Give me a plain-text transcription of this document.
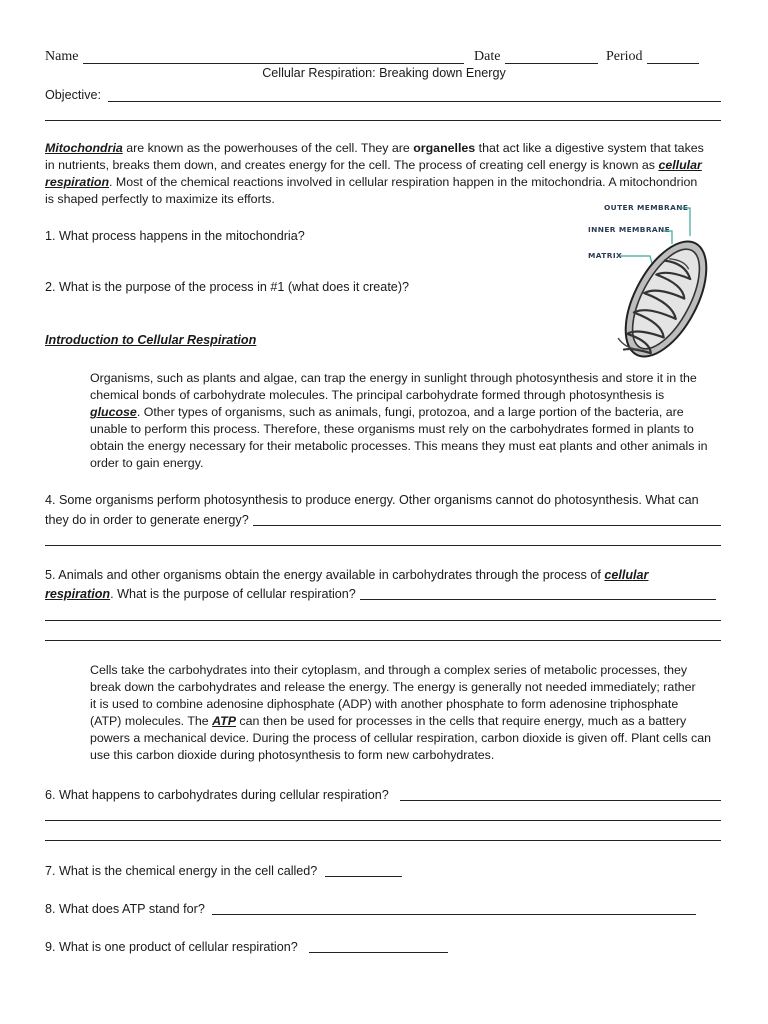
Name	Date	Period
Cellular Respiration: Breaking down Energy
Objective:
Mitochondria are known as the powerhouses of the cell. They are organelles that act like a digestive system that takes
in nutrients, breaks them down, and creates energy for the cell. The process of creating cell energy is known as cellular
respiration. Most of the chemical reactions involved in cellular respiration happen in the mitochondria. A mitochondrion
is shaped perfectly to maximize its efforts.
OUTER MEMBRANE
INNER MEMBRANE
MATRIX
1. What process happens in the mitochondria?
2. What is the purpose of the process in #1 (what does it create)?
Introduction to Cellular Respiration
Organisms, such as plants and algae, can trap the energy in sunlight through photosynthesis and store it in the
chemical bonds of carbohydrate molecules. The principal carbohydrate formed through photosynthesis is
glucose. Other types of organisms, such as animals, fungi, protozoa, and a large portion of the bacteria, are
unable to perform this process. Therefore, these organisms must rely on the carbohydrates formed in plants to
obtain the energy necessary for their metabolic processes. This means they must eat plants and other animals in
order to gain energy.
4. Some organisms perform photosynthesis to produce energy. Other organisms cannot do photosynthesis. What can
they do in order to generate energy?
5. Animals and other organisms obtain the energy available in carbohydrates through the process of cellular
respiration. What is the purpose of cellular respiration?
Cells take the carbohydrates into their cytoplasm, and through a complex series of metabolic processes, they
break down the carbohydrates and release the energy. The energy is generally not needed immediately; rather
it is used to combine adenosine diphosphate (ADP) with another phosphate to form adenosine triphosphate
(ATP) molecules. The ATP can then be used for processes in the cells that require energy, much as a battery
powers a mechanical device. During the process of cellular respiration, carbon dioxide is given off. Plant cells can
use this carbon dioxide during photosynthesis to form new carbohydrates.
6. What happens to carbohydrates during cellular respiration?
7. What is the chemical energy in the cell called?
8. What does ATP stand for?
9. What is one product of cellular respiration?
